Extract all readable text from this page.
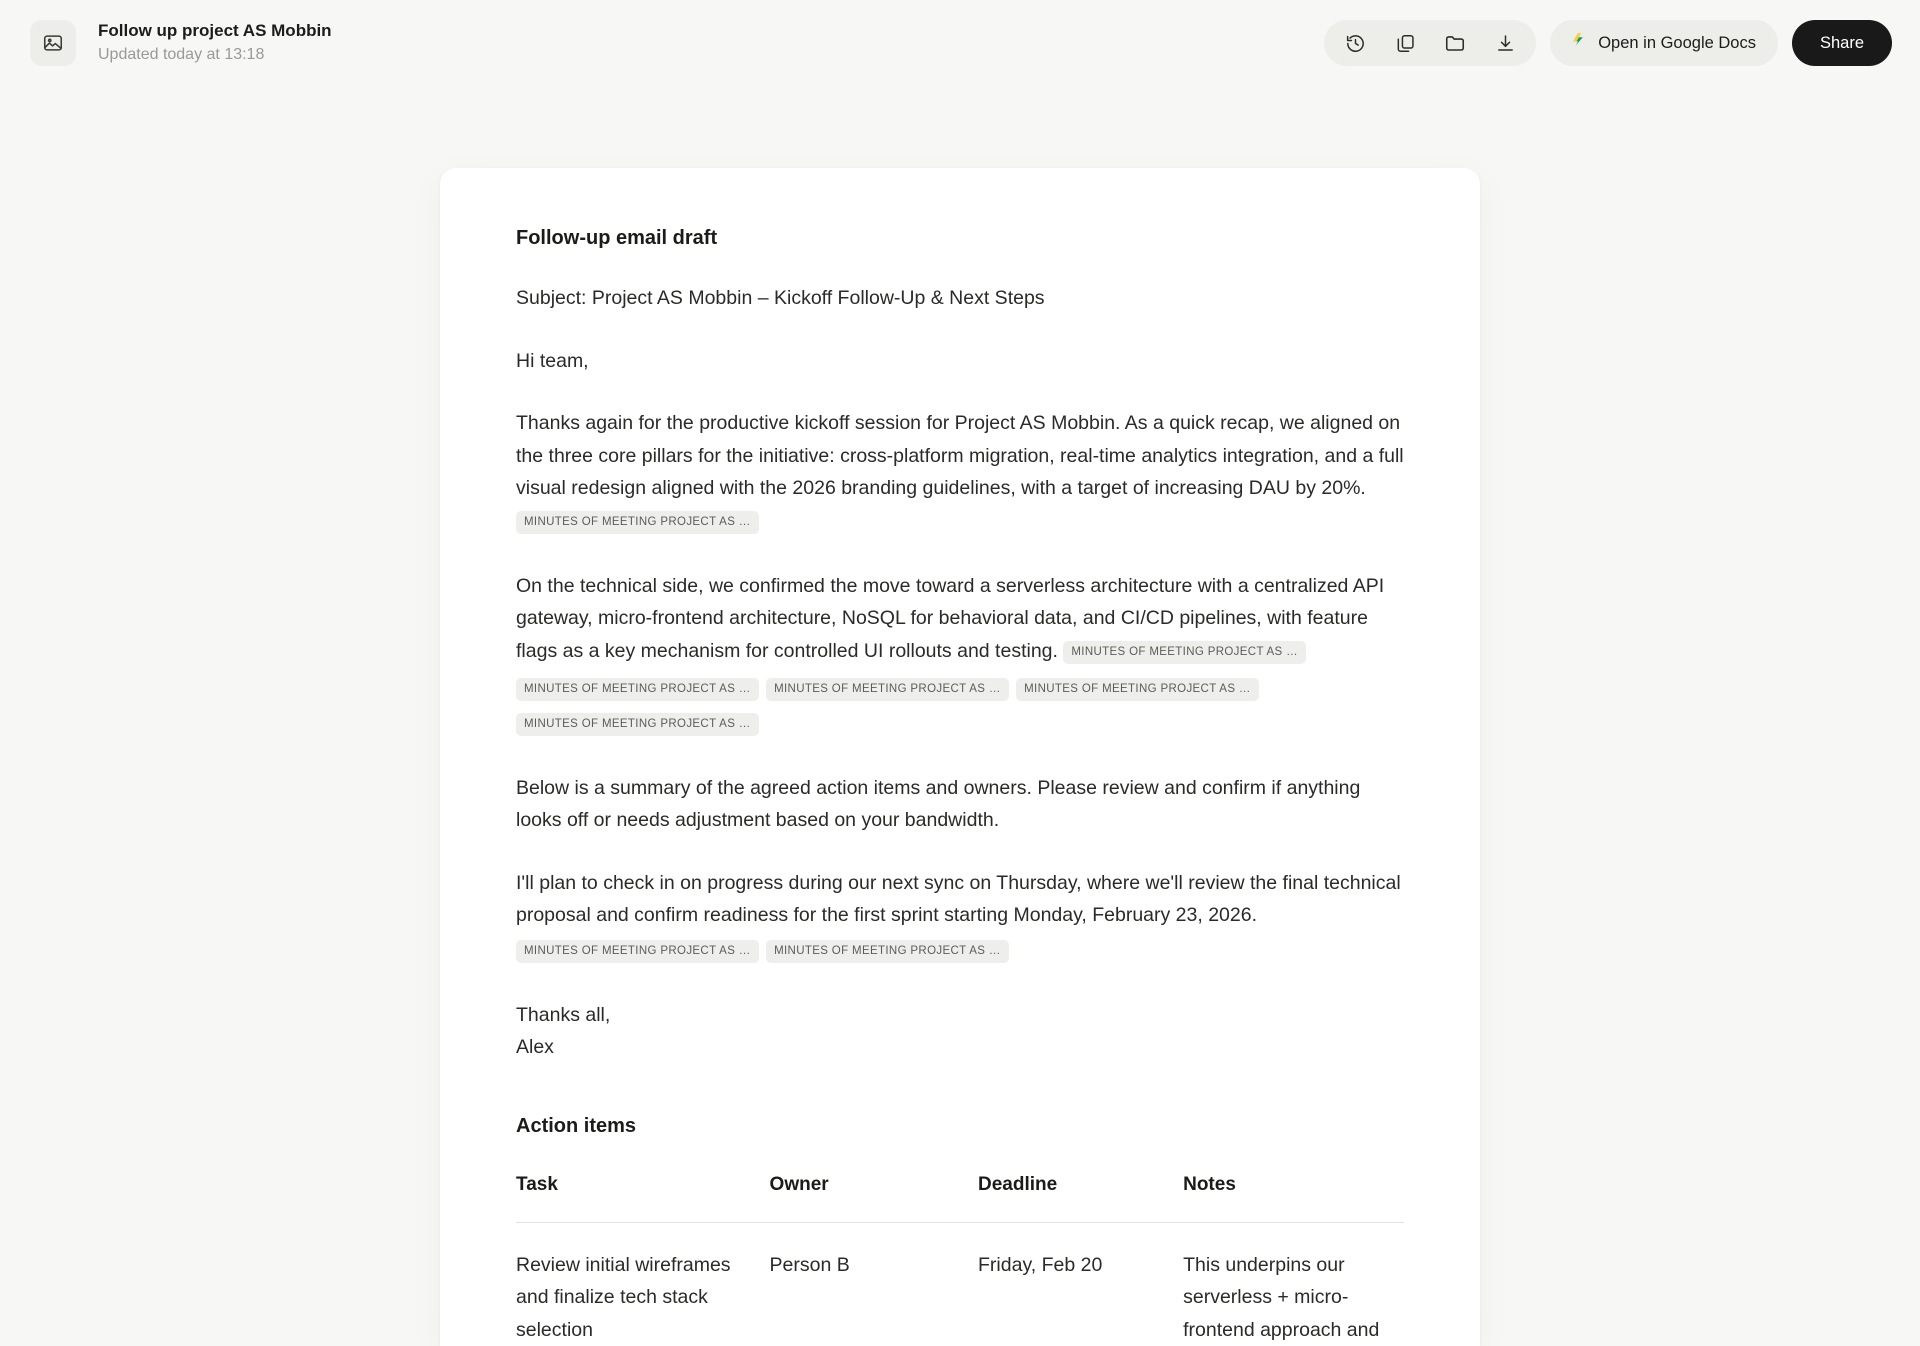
Follow up project AS Mobbin
Updated today at 13:18
Open in Google Docs	Share
Follow-up email draft

Subject: Project AS Mobbin – Kickoff Follow-Up & Next Steps

Hi team,

Thanks again for the productive kickoff session for Project AS Mobbin. As a quick recap, we aligned on the three core pillars for the initiative: cross-platform migration, real-time analytics integration, and a full visual redesign aligned with the 2026 branding guidelines, with a target of increasing DAU by 20%. MINUTES OF MEETING PROJECT AS …

On the technical side, we confirmed the move toward a serverless architecture with a centralized API gateway, micro-frontend architecture, NoSQL for behavioral data, and CI/CD pipelines, with feature flags as a key mechanism for controlled UI rollouts and testing. MINUTES OF MEETING PROJECT AS …

MINUTES OF MEETING PROJECT AS … MINUTES OF MEETING PROJECT AS … MINUTES OF MEETING PROJECT AS …
MINUTES OF MEETING PROJECT AS …

Below is a summary of the agreed action items and owners. Please review and confirm if anything looks off or needs adjustment based on your bandwidth.

I'll plan to check in on progress during our next sync on Thursday, where we'll review the final technical proposal and confirm readiness for the first sprint starting Monday, February 23, 2026.

MINUTES OF MEETING PROJECT AS … MINUTES OF MEETING PROJECT AS …
Thanks all,
Alex
Action items
Task	Owner	Deadline	Notes
Review initial wireframes and finalize tech stack selection	Person B	Friday, Feb 20	This underpins our serverless + micro-frontend approach and
